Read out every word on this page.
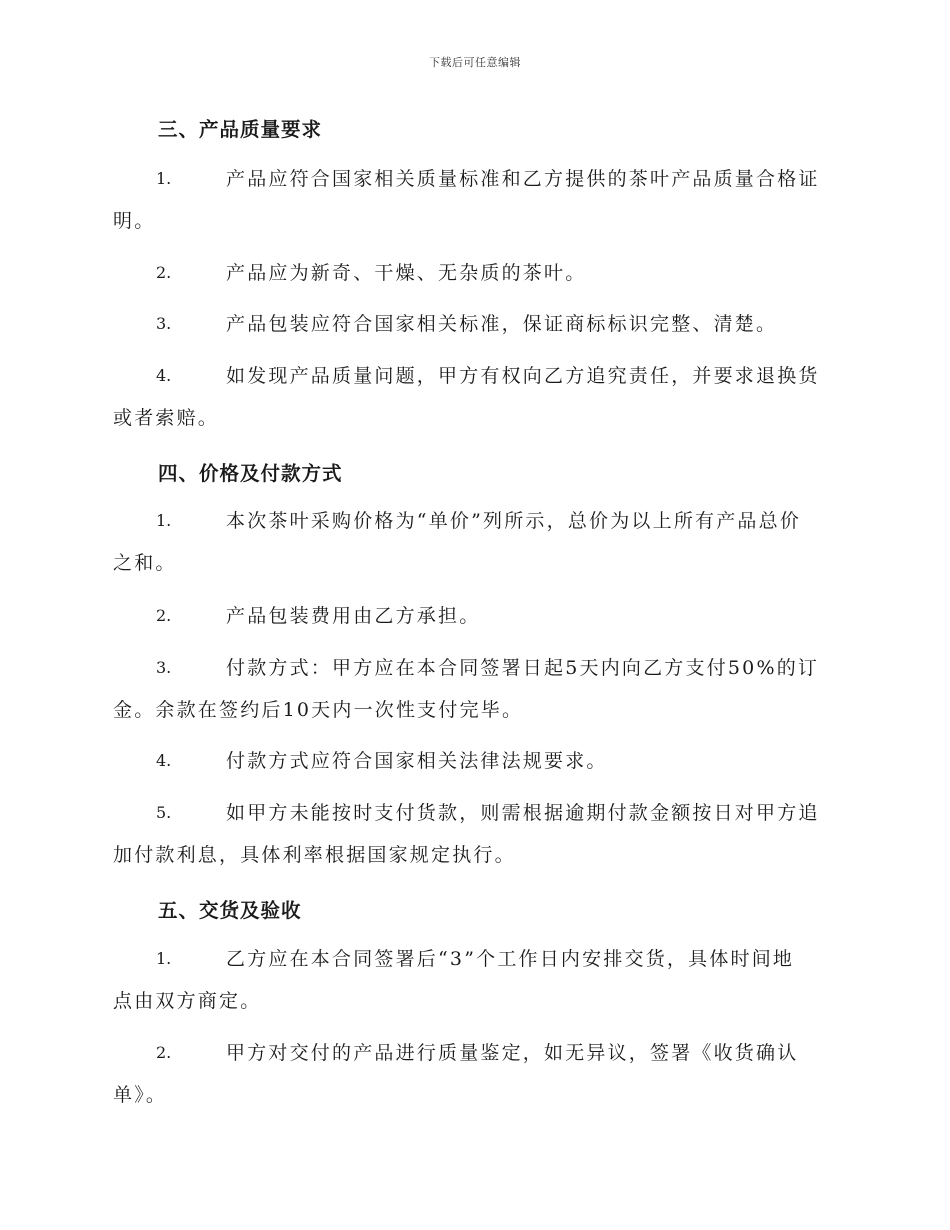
下载后可任意编辑
三、产品质量要求
1.	产品应符合国家相关质量标准和乙方提供的茶叶产品质量合格证
明。
2.	产品应为新奇、干燥、无杂质的茶叶。
3.	产品包装应符合国家相关标准，保证商标标识完整、清楚。
4.	如发现产品质量问题，甲方有权向乙方追究责任，并要求退换货
或者索赔。
四、价格及付款方式
1.	本次茶叶采购价格为“单价”列所示，总价为以上所有产品总价
之和。
2.	产品包装费用由乙方承担。
3.	付款方式：甲方应在本合同签署日起5天内向乙方支付50%的订
金。余款在签约后10天内一次性支付完毕。
4.	付款方式应符合国家相关法律法规要求。
5.	如甲方未能按时支付货款，则需根据逾期付款金额按日对甲方追
加付款利息，具体利率根据国家规定执行。
五、交货及验收
1.	乙方应在本合同签署后“3”个工作日内安排交货，具体时间地
点由双方商定。
2.	甲方对交付的产品进行质量鉴定，如无异议，签署《收货确认
单》。
